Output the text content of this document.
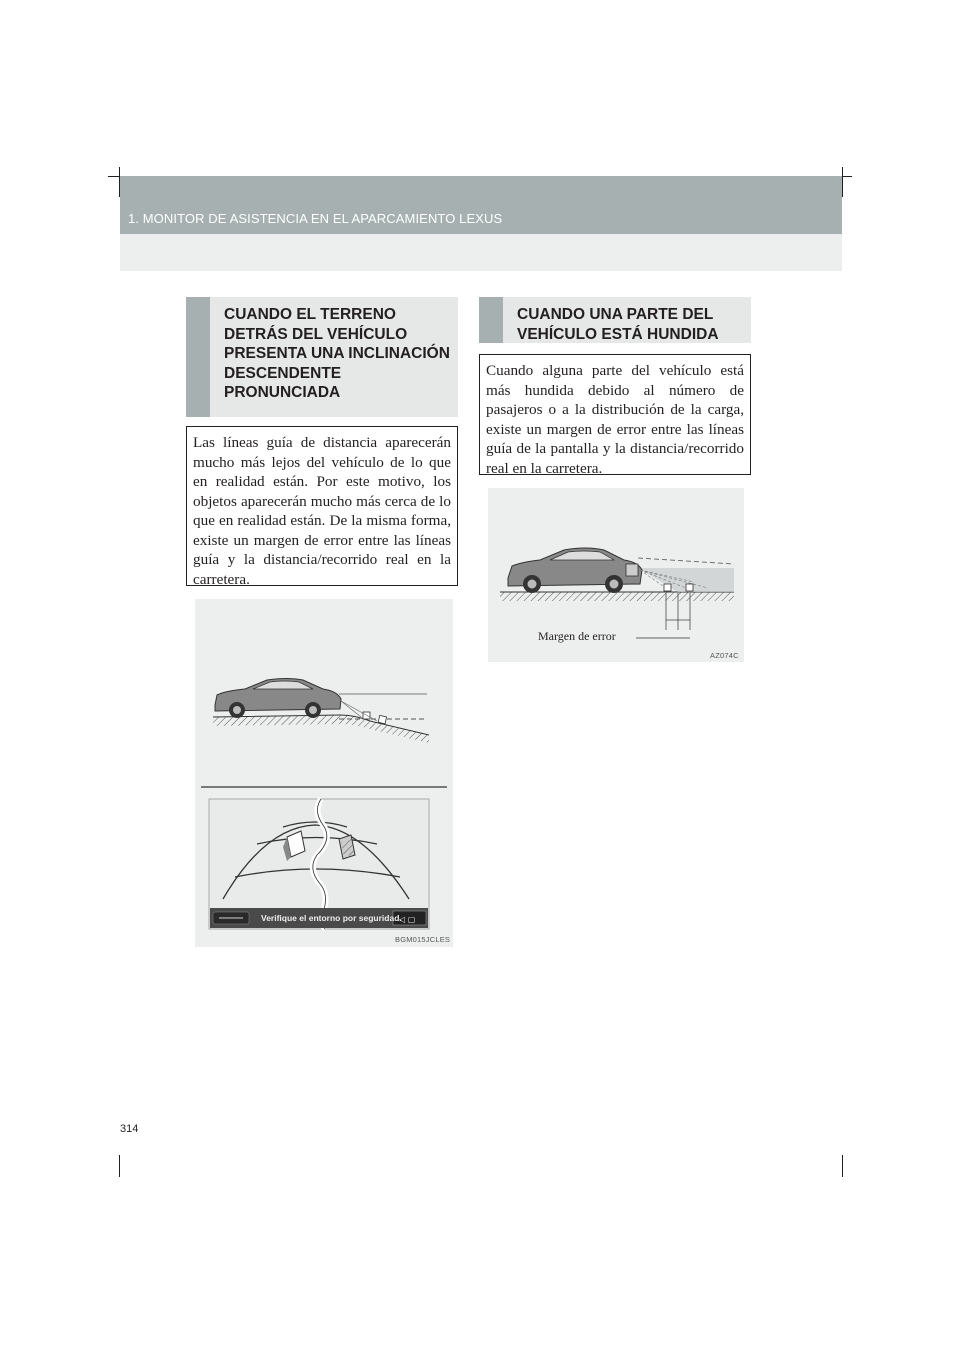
1. MONITOR DE ASISTENCIA EN EL APARCAMIENTO LEXUS
CUANDO EL TERRENO DETRÁS DEL VEHÍCULO PRESENTA UNA INCLINACIÓN DESCENDENTE PRONUNCIADA

Las líneas guía de distancia aparecerán mucho más lejos del vehículo de lo que en realidad están. Por este motivo, los objetos aparecerán mucho más cerca de lo que en realidad están. De la misma forma, existe un margen de error entre las líneas guía y la distancia/recorrido real en la carretera.

◁ ▢
Verifique el entorno por seguridad.
BGM015JCLES
CUANDO UNA PARTE DEL VEHÍCULO ESTÁ HUNDIDA

Cuando alguna parte del vehículo está más hundida debido al número de pasajeros o a la distribución de la carga, existe un margen de error entre las líneas guía de la pantalla y la distancia/recorrido real en la carretera.

Margen de error
AZ074C
314
